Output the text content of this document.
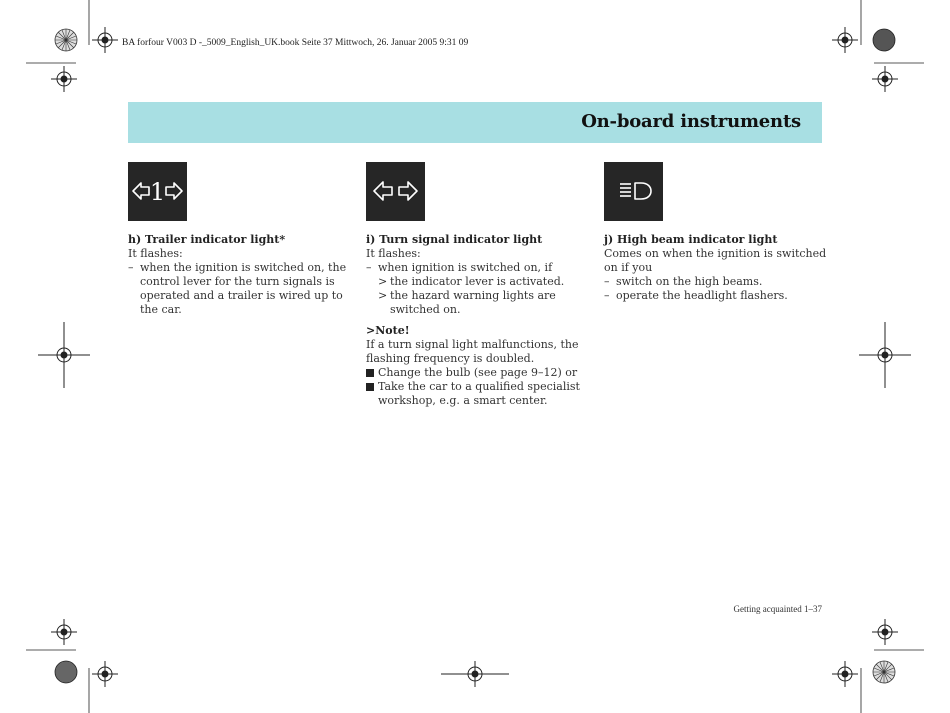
BA forfour V003 D -_5009_English_UK.book Seite 37 Mittwoch, 26. Januar 2005 9:31 09
On-board instruments
1
h) Trailer indicator light*
It flashes:
– when the ignition is switched on, the
control lever for the turn signals is
operated and a trailer is wired up to
the car.
i) Turn signal indicator light
It flashes:
– when ignition is switched on, if
> the indicator lever is activated.
> the hazard warning lights are
switched on.
>Note!
If a turn signal light malfunctions, the
flashing frequency is doubled.
Change the bulb (see page 9–12) or
Take the car to a qualified specialist
workshop, e.g. a smart center.
j) High beam indicator light
Comes on when the ignition is switched
on if you
– switch on the high beams.
– operate the headlight flashers.
Getting acquainted 1–37
